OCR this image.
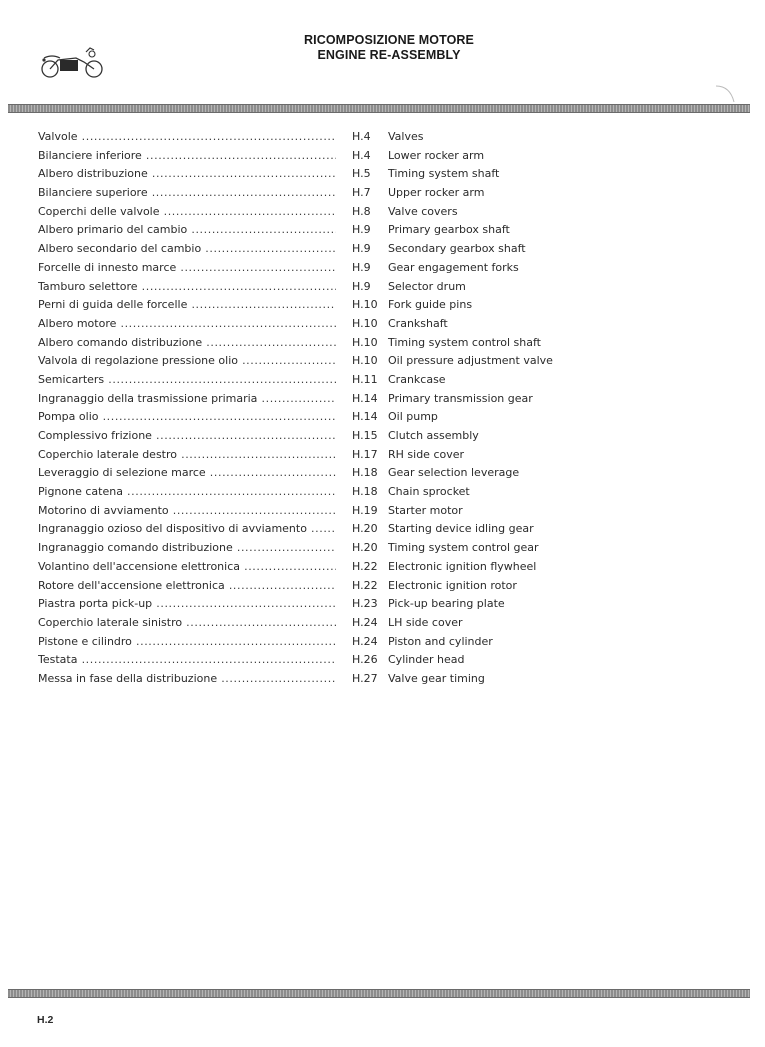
RICOMPOSIZIONE MOTORE
ENGINE RE-ASSEMBLY
Valvole .....	H.4	Valves
Bilanciere inferiore .....	H.4	Lower rocker arm
Albero distribuzione .....	H.5	Timing system shaft
Bilanciere superiore .....	H.7	Upper rocker arm
Coperchi delle valvole .....	H.8	Valve covers
Albero primario del cambio .....	H.9	Primary gearbox shaft
Albero secondario del cambio .....	H.9	Secondary gearbox shaft
Forcelle di innesto marce .....	H.9	Gear engagement forks
Tamburo selettore .....	H.9	Selector drum
Perni di guida delle forcelle .....	H.10 Fork guide pins
Albero motore .....	H.10 Crankshaft
Albero comando distribuzione .....	H.10 Timing system control shaft
Valvola di regolazione pressione olio .....	H.10 Oil pressure adjustment valve
Semicarters .....	H.11 Crankcase
Ingranaggio della trasmissione primaria .....	H.14 Primary transmission gear
Pompa olio .....	H.14 Oil pump
Complessivo frizione .....	H.15 Clutch assembly
Coperchio laterale destro .....	H.17 RH side cover
Leveraggio di selezione marce .....	H.18 Gear selection leverage
Pignone catena .....	H.18 Chain sprocket
Motorino di avviamento .....	H.19 Starter motor
Ingranaggio ozioso del dispositivo di avviamento .....	H.20 Starting device idling gear
Ingranaggio comando distribuzione .....	H.20 Timing system control gear
Volantino dell'accensione elettronica .....	H.22 Electronic ignition flywheel
Rotore dell'accensione elettronica .....	H.22 Electronic ignition rotor
Piastra porta pick-up .....	H.23 Pick-up bearing plate
Coperchio laterale sinistro .....	H.24 LH side cover
Pistone e cilindro .....	H.24 Piston and cylinder
Testata .....	H.26 Cylinder head
Messa in fase della distribuzione .....	H.27 Valve gear timing
H.2
